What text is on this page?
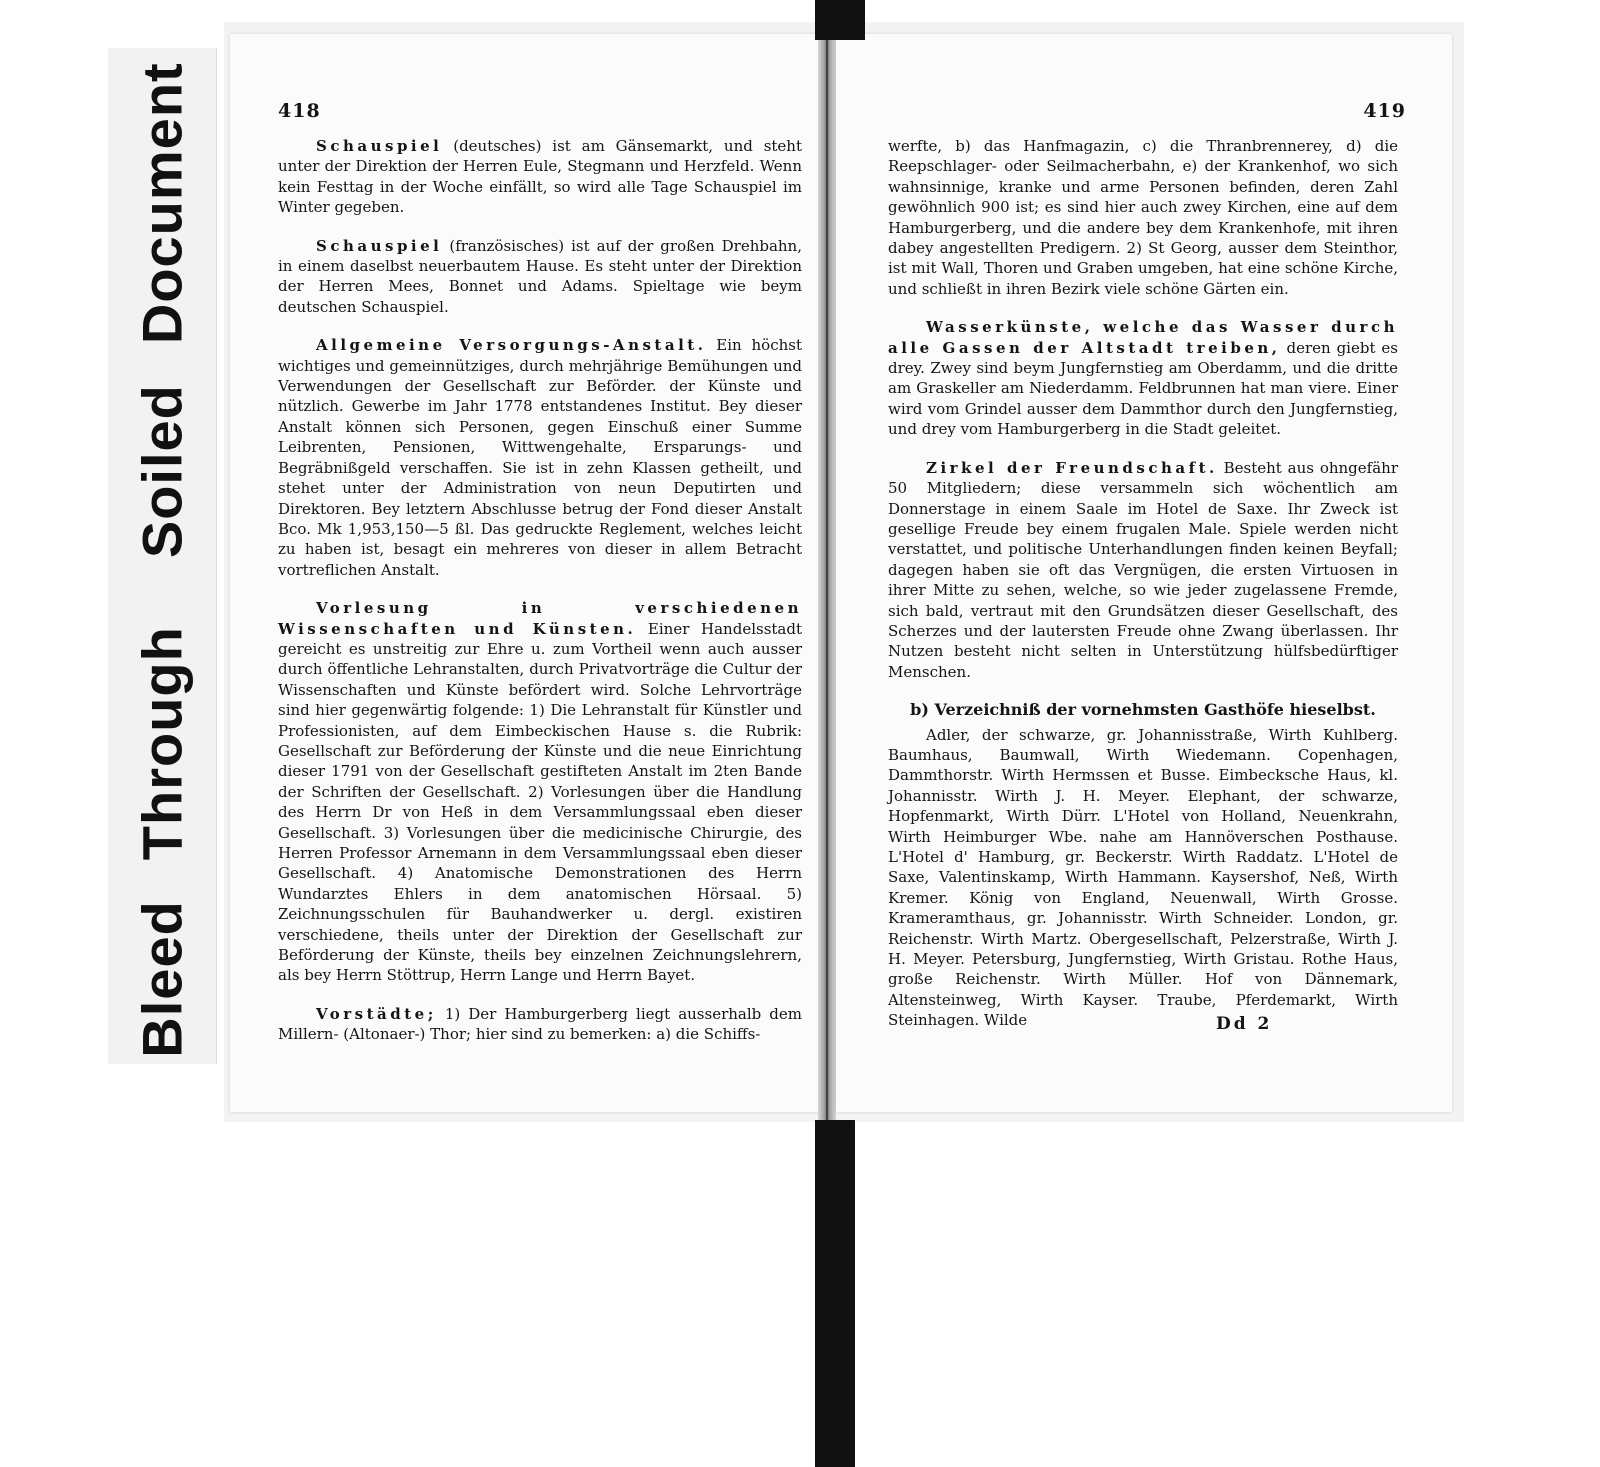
BleedThroughSoiledDocument	418

Schauspiel (deutsches) ist am Gänsemarkt, und steht unter der Direktion der Herren Eule, Stegmann und Herzfeld. Wenn kein Festtag in der Woche einfällt, so wird alle Tage Schauspiel im Winter gegeben.

Schauspiel (französisches) ist auf der großen Drehbahn, in einem daselbst neuerbautem Hause. Es steht unter der Direktion der Herren Mees, Bonnet und Adams. Spieltage wie beym deutschen Schauspiel.

Allgemeine Versorgungs-Anstalt. Ein höchst wichtiges und gemeinnütziges, durch mehrjährige Bemühungen und Verwendungen der Gesellschaft zur Beförder. der Künste und nützlich. Gewerbe im Jahr 1778 entstandenes Institut. Bey dieser Anstalt können sich Personen, gegen Einschuß einer Summe Leibrenten, Pensionen, Wittwengehalte, Ersparungs- und Begräbnißgeld verschaffen. Sie ist in zehn Klassen getheilt, und stehet unter der Administration von neun Deputirten und Direktoren. Bey letztern Abschlusse betrug der Fond dieser Anstalt Bco. Mk 1,953,150—5 ßl. Das gedruckte Reglement, welches leicht zu haben ist, besagt ein mehreres von dieser in allem Betracht vortreflichen Anstalt.

Vorlesung in verschiedenen Wissenschaften und Künsten. Einer Handelsstadt gereicht es unstreitig zur Ehre u. zum Vortheil wenn auch ausser durch öffentliche Lehranstalten, durch Privatvorträge die Cultur der Wissenschaften und Künste befördert wird. Solche Lehrvorträge sind hier gegenwärtig folgende: 1) Die Lehranstalt für Künstler und Professionisten, auf dem Eimbeckischen Hause s. die Rubrik: Gesellschaft zur Beförderung der Künste und die neue Einrichtung dieser 1791 von der Gesellschaft gestifteten Anstalt im 2ten Bande der Schriften der Gesellschaft. 2) Vorlesungen über die Handlung des Herrn Dr von Heß in dem Versammlungssaal eben dieser Gesellschaft. 3) Vorlesungen über die medicinische Chirurgie, des Herren Professor Arnemann in dem Versammlungssaal eben dieser Gesellschaft. 4) Anatomische Demonstrationen des Herrn Wundarztes Ehlers in dem anatomischen Hörsaal. 5) Zeichnungsschulen für Bauhandwerker u. dergl. existiren verschiedene, theils unter der Direktion der Gesellschaft zur Beförderung der Künste, theils bey einzelnen Zeichnungslehrern, als bey Herrn Stöttrup, Herrn Lange und Herrn Bayet.

Vorstädte; 1) Der Hamburgerberg liegt ausserhalb dem Millern- (Altonaer-) Thor; hier sind zu bemerken: a) die Schiffs-

419

werfte, b) das Hanfmagazin, c) die Thranbrennerey, d) die Reepschlager- oder Seilmacherbahn, e) der Krankenhof, wo sich wahnsinnige, kranke und arme Personen befinden, deren Zahl gewöhnlich 900 ist; es sind hier auch zwey Kirchen, eine auf dem Hamburgerberg, und die andere bey dem Krankenhofe, mit ihren dabey angestellten Predigern. 2) St Georg, ausser dem Steinthor, ist mit Wall, Thoren und Graben umgeben, hat eine schöne Kirche, und schließt in ihren Bezirk viele schöne Gärten ein.

Wasserkünste, welche das Wasser durch alle Gassen der Altstadt treiben, deren giebt es drey. Zwey sind beym Jungfernstieg am Oberdamm, und die dritte am Graskeller am Niederdamm. Feldbrunnen hat man viere. Einer wird vom Grindel ausser dem Dammthor durch den Jungfernstieg, und drey vom Hamburgerberg in die Stadt geleitet.

Zirkel der Freundschaft. Besteht aus ohngefähr 50 Mitgliedern; diese versammeln sich wöchentlich am Donnerstage in einem Saale im Hotel de Saxe. Ihr Zweck ist gesellige Freude bey einem frugalen Male. Spiele werden nicht verstattet, und politische Unterhandlungen finden keinen Beyfall; dagegen haben sie oft das Vergnügen, die ersten Virtuosen in ihrer Mitte zu sehen, welche, so wie jeder zugelassene Fremde, sich bald, vertraut mit den Grundsätzen dieser Gesellschaft, des Scherzes und der lautersten Freude ohne Zwang überlassen. Ihr Nutzen besteht nicht selten in Unterstützung hülfsbedürftiger Menschen.

b) Verzeichniß der vornehmsten Gasthöfe hieselbst.

Adler, der schwarze, gr. Johannisstraße, Wirth Kuhlberg. Baumhaus, Baumwall, Wirth Wiedemann. Copenhagen, Dammthorstr. Wirth Hermssen et Busse. Eimbecksche Haus, kl. Johannisstr. Wirth J. H. Meyer. Elephant, der schwarze, Hopfenmarkt, Wirth Dürr. L'Hotel von Holland, Neuenkrahn, Wirth Heimburger Wbe. nahe am Hannöverschen Posthause. L'Hotel d' Hamburg, gr. Beckerstr. Wirth Raddatz. L'Hotel de Saxe, Valentinskamp, Wirth Hammann. Kaysershof, Neß, Wirth Kremer. König von England, Neuenwall, Wirth Grosse. Krameramthaus, gr. Johannisstr. Wirth Schneider. London, gr. Reichenstr. Wirth Martz. Obergesellschaft, Pelzerstraße, Wirth J. H. Meyer. Petersburg, Jungfernstieg, Wirth Gristau. Rothe Haus, große Reichenstr. Wirth Müller. Hof von Dännemark, Altensteinweg, Wirth Kayser. Traube, Pferdemarkt, Wirth Steinhagen. Wilde	Dd 2
